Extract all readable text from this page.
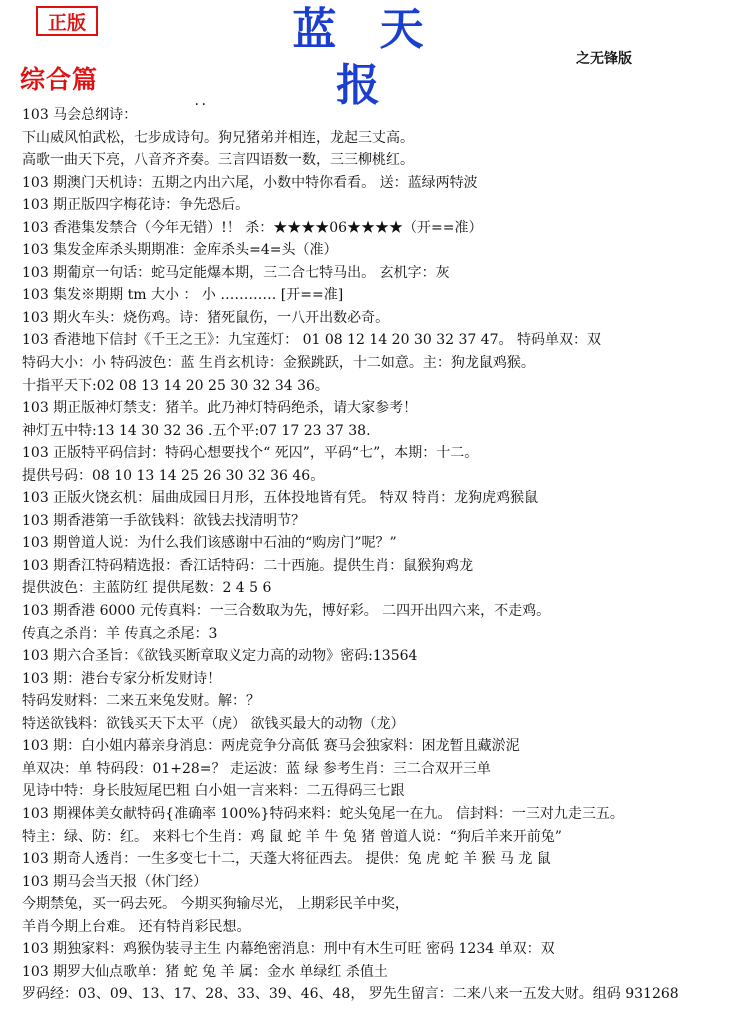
正版	蓝 天 报
之无锋版
综合篇
. .
103 马会总纲诗：
下山威风怕武松，七步成诗句。狗兄猪弟并相连，龙起三丈高。
高歌一曲天下亮，八音齐齐奏。三言四语数一数，三三柳桃红。
103 期澳门天机诗：五期之内出六尾，小数中特你看看。 送：蓝绿两特波
103 期正版四字梅花诗：争先恐后。
103 香港集发禁合（今年无错）!！ 杀：★★★★06★★★★（开==准）
103 集发金库杀头期期准：金库杀头=4=头（准）
103 期葡京一句话：蛇马定能爆本期，三二合七特马出。 玄机字：灰
103 集发※期期 tm 大小 ： 小 ………… [开==准]
103 期火车头：烧伤鸡。诗：猪死鼠伤，一八开出数必奇。
103 香港地下信封《千王之王》：九宝莲灯： 01 08 12 14 20 30 32 37 47。 特码单双：双
特码大小：小 特码波色：蓝 生肖玄机诗：金猴跳跃，十二如意。主：狗龙鼠鸡猴。
十指平天下:02 08 13 14 20 25 30 32 34 36。
103 期正版神灯禁支：猪羊。此乃神灯特码绝杀，请大家参考！
神灯五中特:13 14 30 32 36 .五个平:07 17 23 37 38.
103 正版特平码信封：特码心想要找个“ 死囚”，平码“七”，本期：十二。
提供号码：08 10 13 14 25 26 30 32 36 46。
103 正版火饶玄机：届曲成园日月形，五体投地皆有凭。 特双 特肖：龙狗虎鸡猴鼠
103 期香港第一手欲钱料：欲钱去找清明节？
103 期曾道人说：为什么我们该感谢中石油的“购房门”呢？”
103 期香江特码精选报：香江话特码：二十西施。提供生肖：鼠猴狗鸡龙
提供波色：主蓝防红 提供尾数：2 4 5 6
103 期香港 6000 元传真料：一三合数取为先，博好彩。 二四开出四六来，不走鸡。
传真之杀肖：羊 传真之杀尾：3
103 期六合圣旨：《欲钱买断章取义定力高的动物》密码:13564
103 期：港台专家分析发财诗！
特码发财料：二来五来兔发财。解：？
特送欲钱料：欲钱买天下太平（虎） 欲钱买最大的动物（龙）
103 期：白小姐内幕亲身消息：两虎竞争分高低 赛马会独家料：困龙暂且藏淤泥
单双决：单 特码段：01+28=？ 走运波：蓝 绿 参考生肖：三二合双开三单
见诗中特：身长肢短尾巴粗 白小姐一言来料：二五得码三七跟
103 期裸体美女献特码{准确率 100%}特码来料：蛇头兔尾一在九。 信封料：一三对九走三五。
特主：绿、防：红。 来料七个生肖：鸡 鼠 蛇 羊 牛 兔 猪 曾道人说：“狗后羊来开前兔”
103 期奇人透肖：一生多变七十二，天蓬大将征西去。 提供：兔 虎 蛇 羊 猴 马 龙 鼠
103 期马会当天报（休门经）
今期禁兔，买一码去死。 今期买狗输尽光， 上期彩民羊中奖，
羊肖今期上台难。 还有特肖彩民想。
103 期独家料：鸡猴伪装寻主生 内幕绝密消息：刑中有木生可旺 密码 1234 单双：双
103 期罗大仙点歌单：猪 蛇 兔 羊 属：金水 单绿红 杀值土
罗码经：03、09、13、17、28、33、39、46、48， 罗先生留言：二来八来一五发大财。组码 931268
